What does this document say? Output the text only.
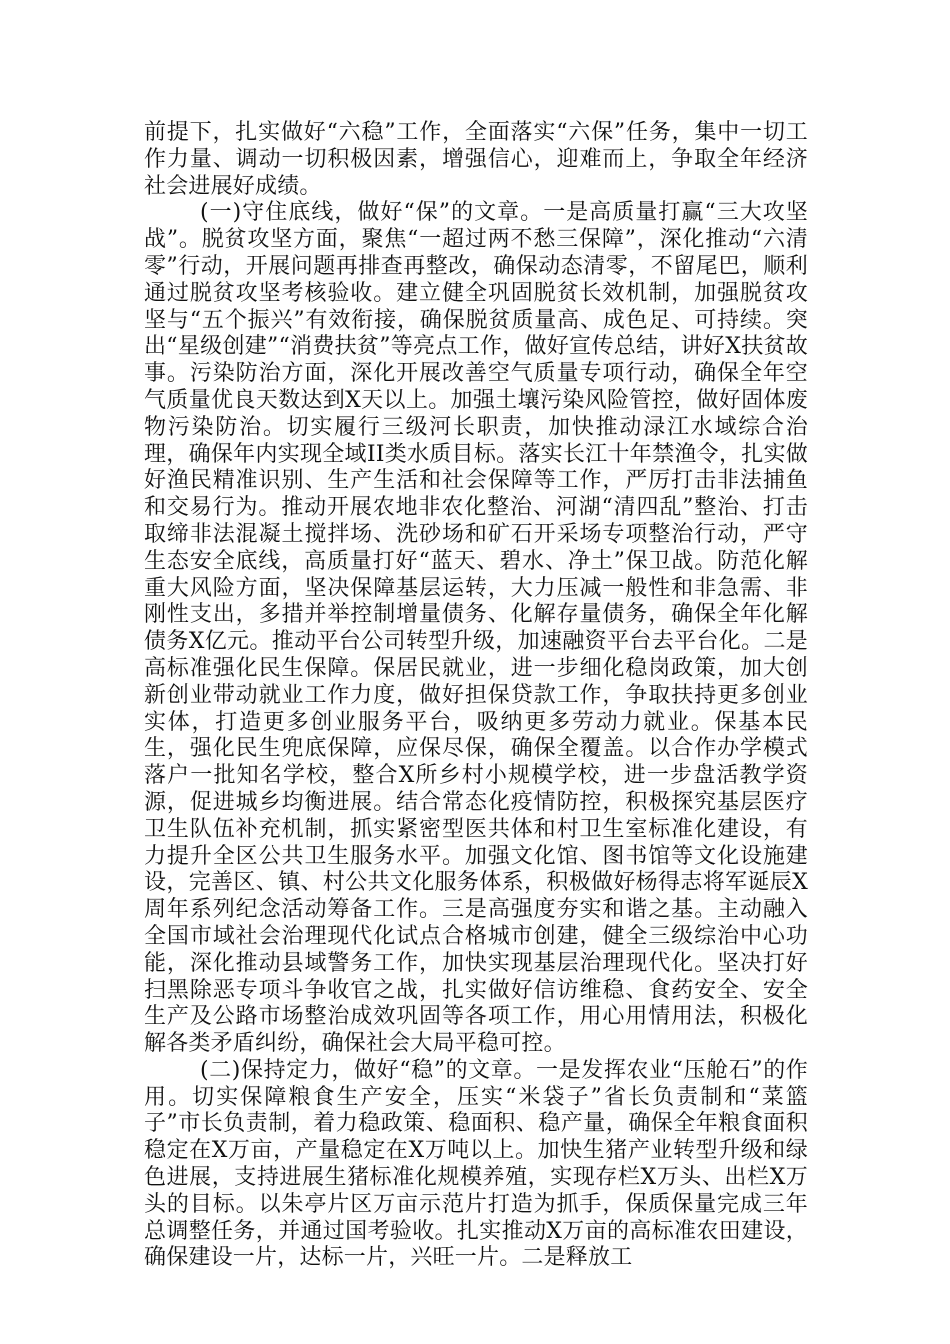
前提下，扎实做好“六稳”工作，全面落实“六保”任务，集中一切工作力量、调动一切积极因素，增强信心，迎难而上，争取全年经济社会进展好成绩。

(一)守住底线，做好“保”的文章。一是高质量打赢“三大攻坚战”。脱贫攻坚方面，聚焦“一超过两不愁三保障”，深化推动“六清零”行动，开展问题再排查再整改，确保动态清零，不留尾巴，顺利通过脱贫攻坚考核验收。建立健全巩固脱贫长效机制，加强脱贫攻坚与“五个振兴”有效衔接，确保脱贫质量高、成色足、可持续。突出“星级创建”“消费扶贫”等亮点工作，做好宣传总结，讲好X扶贫故事。污染防治方面，深化开展改善空气质量专项行动，确保全年空气质量优良天数达到X天以上。加强土壤污染风险管控，做好固体废物污染防治。切实履行三级河长职责，加快推动渌江水域综合治理，确保年内实现全域II类水质目标。落实长江十年禁渔令，扎实做好渔民精准识别、生产生活和社会保障等工作，严厉打击非法捕鱼和交易行为。推动开展农地非农化整治、河湖“清四乱”整治、打击取缔非法混凝土搅拌场、洗砂场和矿石开采场专项整治行动，严守生态安全底线，高质量打好“蓝天、碧水、净土”保卫战。防范化解重大风险方面，坚决保障基层运转，大力压减一般性和非急需、非刚性支出，多措并举控制增量债务、化解存量债务，确保全年化解债务X亿元。推动平台公司转型升级，加速融资平台去平台化。二是高标准强化民生保障。保居民就业，进一步细化稳岗政策，加大创新创业带动就业工作力度，做好担保贷款工作，争取扶持更多创业实体，打造更多创业服务平台，吸纳更多劳动力就业。保基本民生，强化民生兜底保障，应保尽保，确保全覆盖。以合作办学模式落户一批知名学校，整合X所乡村小规模学校，进一步盘活教学资源，促进城乡均衡进展。结合常态化疫情防控，积极探究基层医疗卫生队伍补充机制，抓实紧密型医共体和村卫生室标准化建设，有力提升全区公共卫生服务水平。加强文化馆、图书馆等文化设施建设，完善区、镇、村公共文化服务体系，积极做好杨得志将军诞辰X周年系列纪念活动筹备工作。三是高强度夯实和谐之基。主动融入全国市域社会治理现代化试点合格城市创建，健全三级综治中心功能，深化推动县域警务工作，加快实现基层治理现代化。坚决打好扫黑除恶专项斗争收官之战，扎实做好信访维稳、食药安全、安全生产及公路市场整治成效巩固等各项工作，用心用情用法，积极化解各类矛盾纠纷，确保社会大局平稳可控。

(二)保持定力，做好“稳”的文章。一是发挥农业“压舱石”的作用。切实保障粮食生产安全，压实“米袋子”省长负责制和“菜篮子”市长负责制，着力稳政策、稳面积、稳产量，确保全年粮食面积稳定在X万亩，产量稳定在X万吨以上。加快生猪产业转型升级和绿色进展，支持进展生猪标准化规模养殖，实现存栏X万头、出栏X万头的目标。以朱亭片区万亩示范片打造为抓手，保质保量完成三年总调整任务，并通过国考验收。扎实推动X万亩的高标准农田建设，确保建设一片，达标一片，兴旺一片。二是释放工
